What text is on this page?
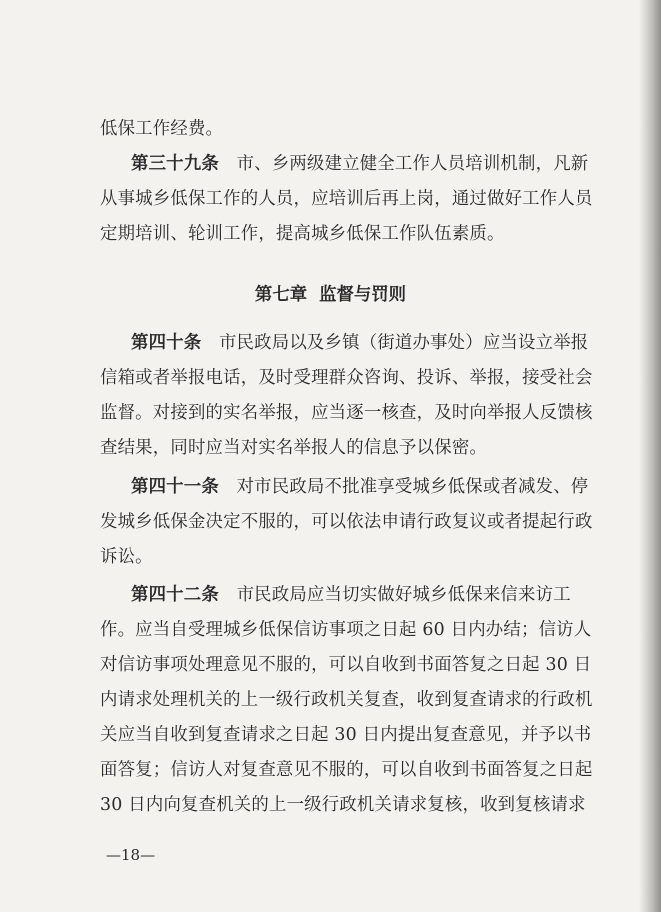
低保工作经费。
第三十九条　 市、乡两级建立健全工作人员培训机制，凡新
从事城乡低保工作的人员，应培训后再上岗，通过做好工作人员
定期培训、轮训工作，提高城乡低保工作队伍素质。
第七章 监督与罚则
第四十条　 市民政局以及乡镇（街道办事处）应当设立举报
信箱或者举报电话，及时受理群众咨询、投诉、举报，接受社会
监督。对接到的实名举报，应当逐一核查，及时向举报人反馈核
查结果，同时应当对实名举报人的信息予以保密。
第四十一条　 对市民政局不批准享受城乡低保或者减发、停
发城乡低保金决定不服的，可以依法申请行政复议或者提起行政
诉讼。
第四十二条　 市民政局应当切实做好城乡低保来信来访工
作。应当自受理城乡低保信访事项之日起 60 日内办结；信访人
对信访事项处理意见不服的，可以自收到书面答复之日起 30 日
内请求处理机关的上一级行政机关复查，收到复查请求的行政机
关应当自收到复查请求之日起 30 日内提出复查意见，并予以书
面答复；信访人对复查意见不服的，可以自收到书面答复之日起
30 日内向复查机关的上一级行政机关请求复核，收到复核请求
—18—
